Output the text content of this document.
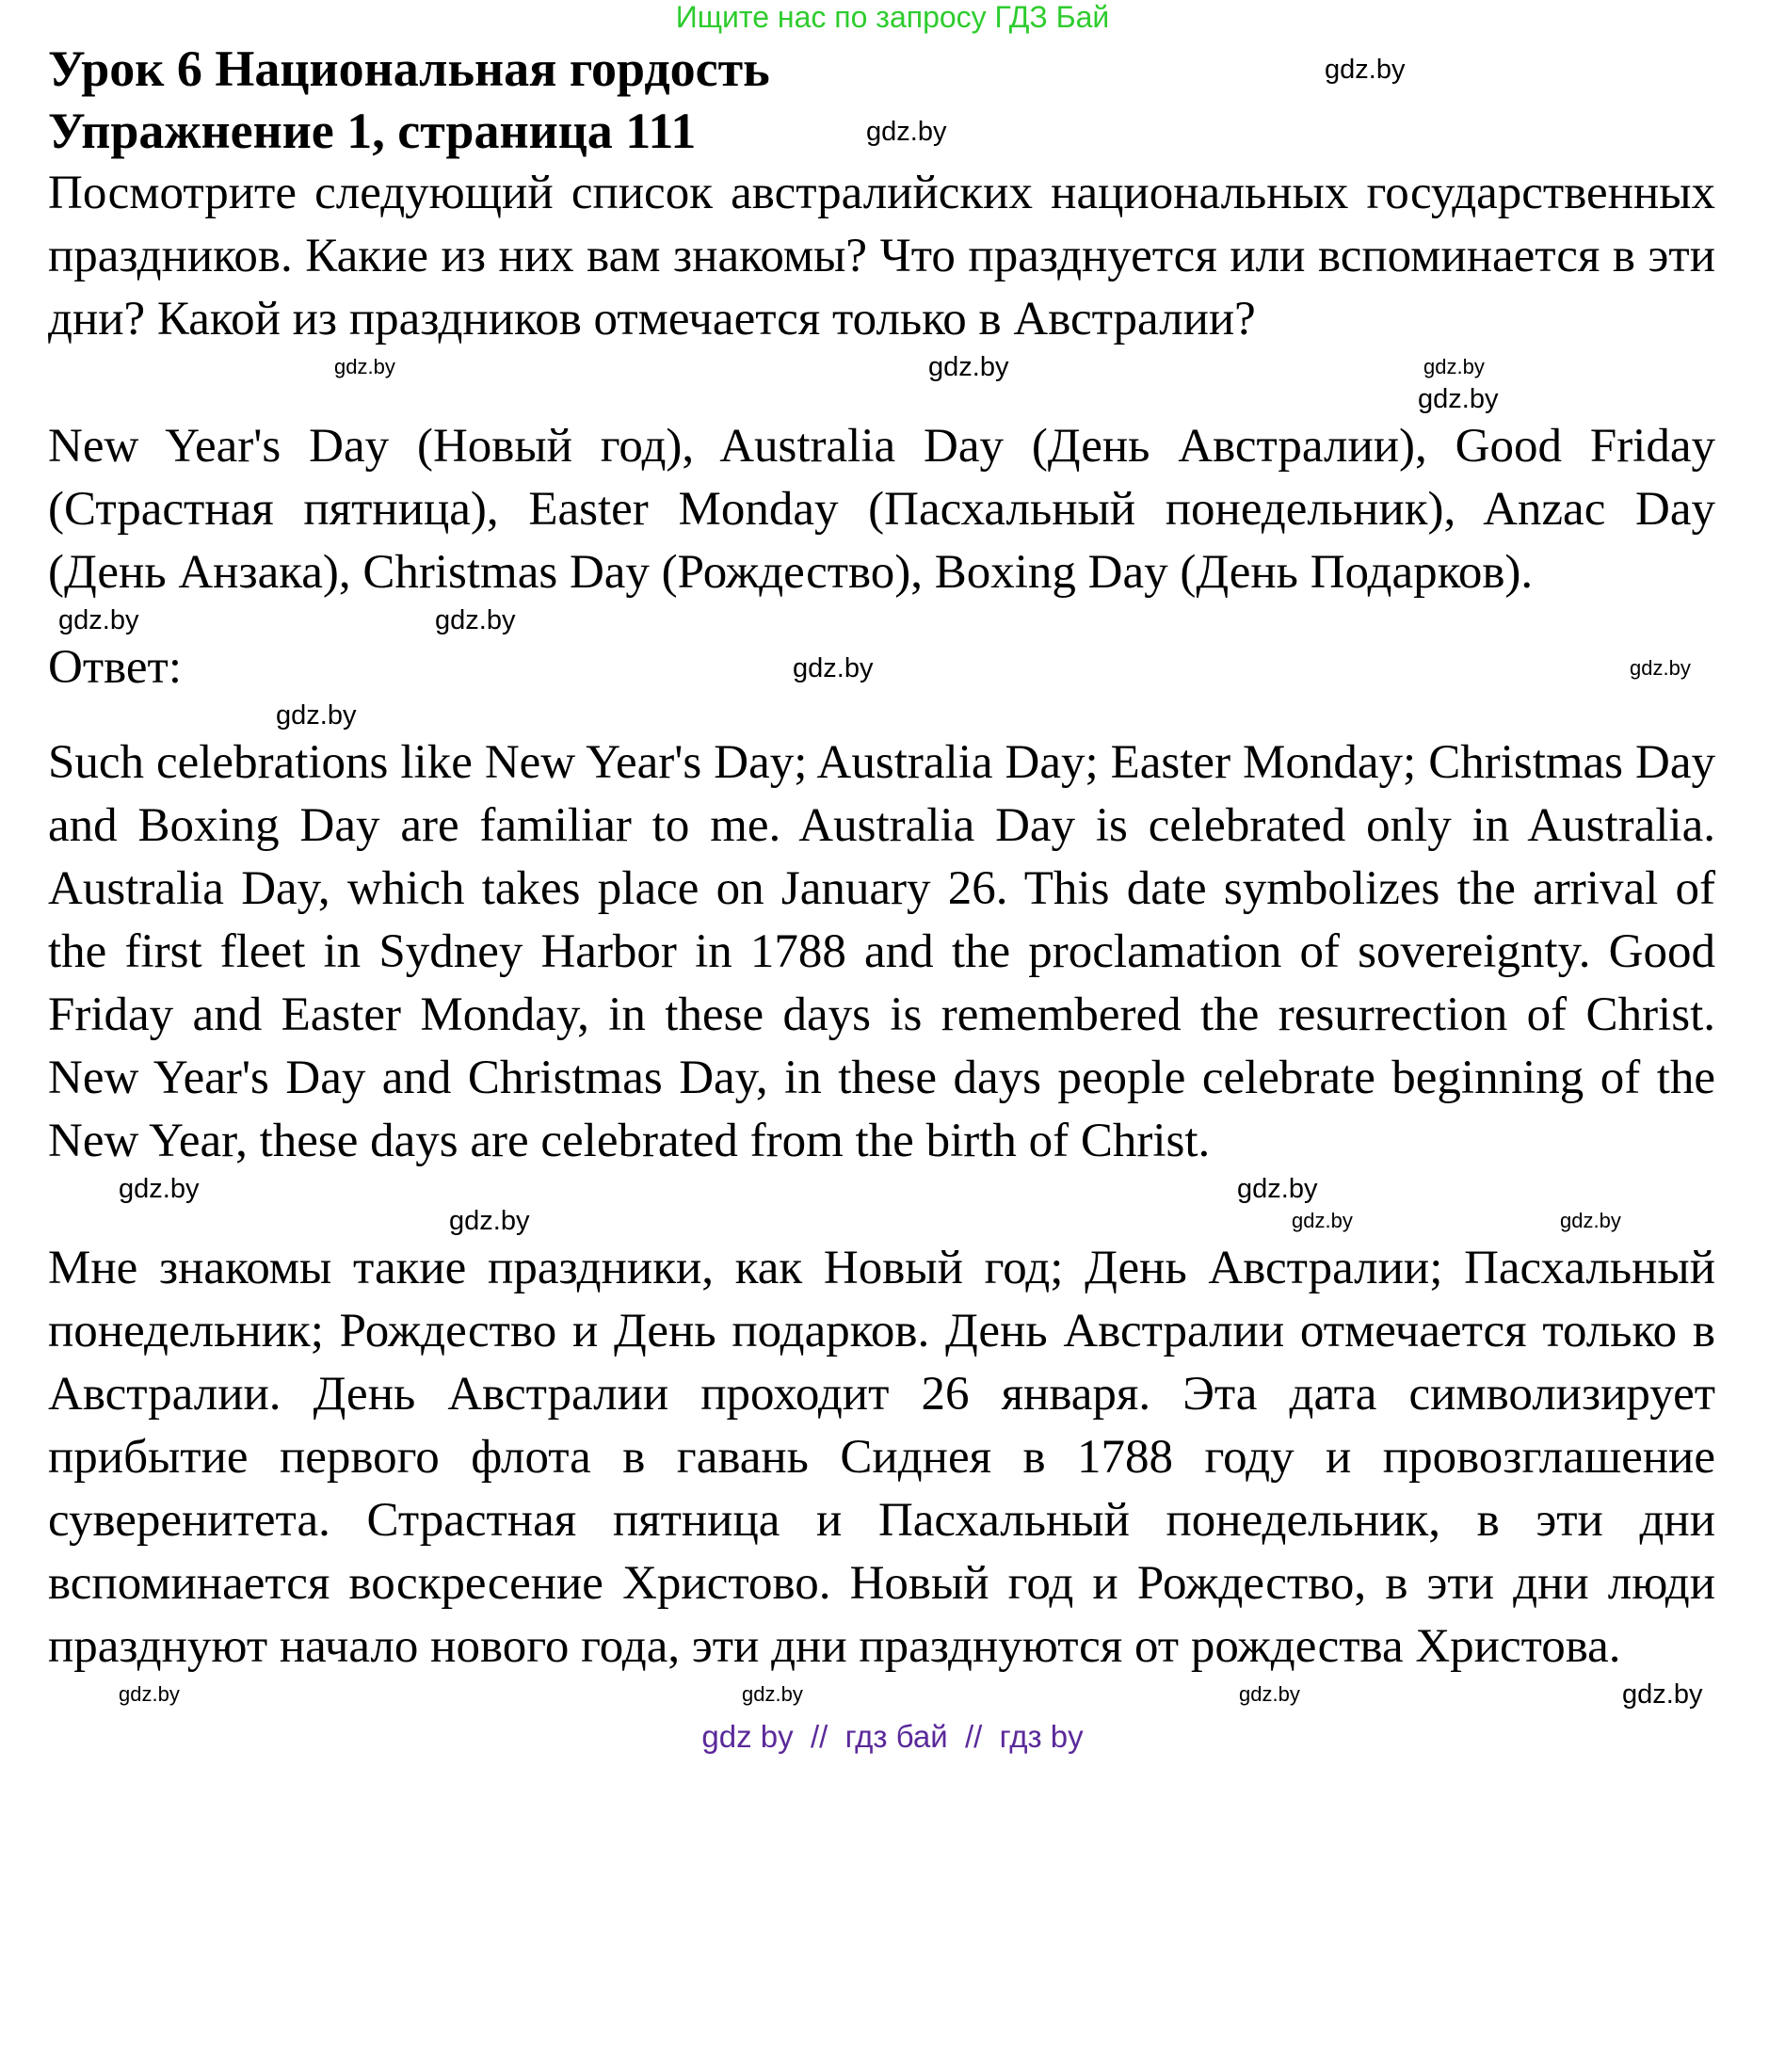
Ищите нас по запросу ГДЗ Бай
Урок 6 Национальная гордость	gdz.by
Упражнение 1, страница 111	gdz.by
Посмотрите следующий список австралийских национальных государственных праздников. Какие из них вам знакомы? Что празднуется или вспоминается в эти дни? Какой из праздников отмечается только в Австралии?
gdz.by	gdz.by	gdz.by
gdz.by
New Year's Day (Новый год), Australia Day (День Австралии), Good Friday (Страстная пятница), Easter Monday (Пасхальный понедельник), Anzac Day (День Анзака), Christmas Day (Рождество), Boxing Day (День Подарков).
gdz.by	gdz.by
Ответ:	gdz.by	gdz.by
gdz.by
Such celebrations like New Year's Day; Australia Day; Easter Monday; Christmas Day and Boxing Day are familiar to me. Australia Day is celebrated only in Australia. Australia Day, which takes place on January 26. This date symbolizes the arrival of the first fleet in Sydney Harbor in 1788 and the proclamation of sovereignty. Good Friday and Easter Monday, in these days is remembered the resurrection of Christ. New Year's Day and Christmas Day, in these days people celebrate beginning of the New Year, these days are celebrated from the birth of Christ.
gdz.by	gdz.by
gdz.by	gdz.by	gdz.by
Мне знакомы такие праздники, как Новый год; День Австралии; Пасхальный понедельник; Рождество и День подарков. День Австралии отмечается только в Австралии. День Австралии проходит 26 января. Эта дата символизирует прибытие первого флота в гавань Сиднея в 1788 году и провозглашение суверенитета. Страстная пятница и Пасхальный понедельник, в эти дни вспоминается воскресение Христово. Новый год и Рождество, в эти дни люди празднуют начало нового года, эти дни празднуются от рождества Христова.
gdz.by	gdz.by	gdz.by	gdz.by
gdz by  //  гдз бай  //  гдз by
